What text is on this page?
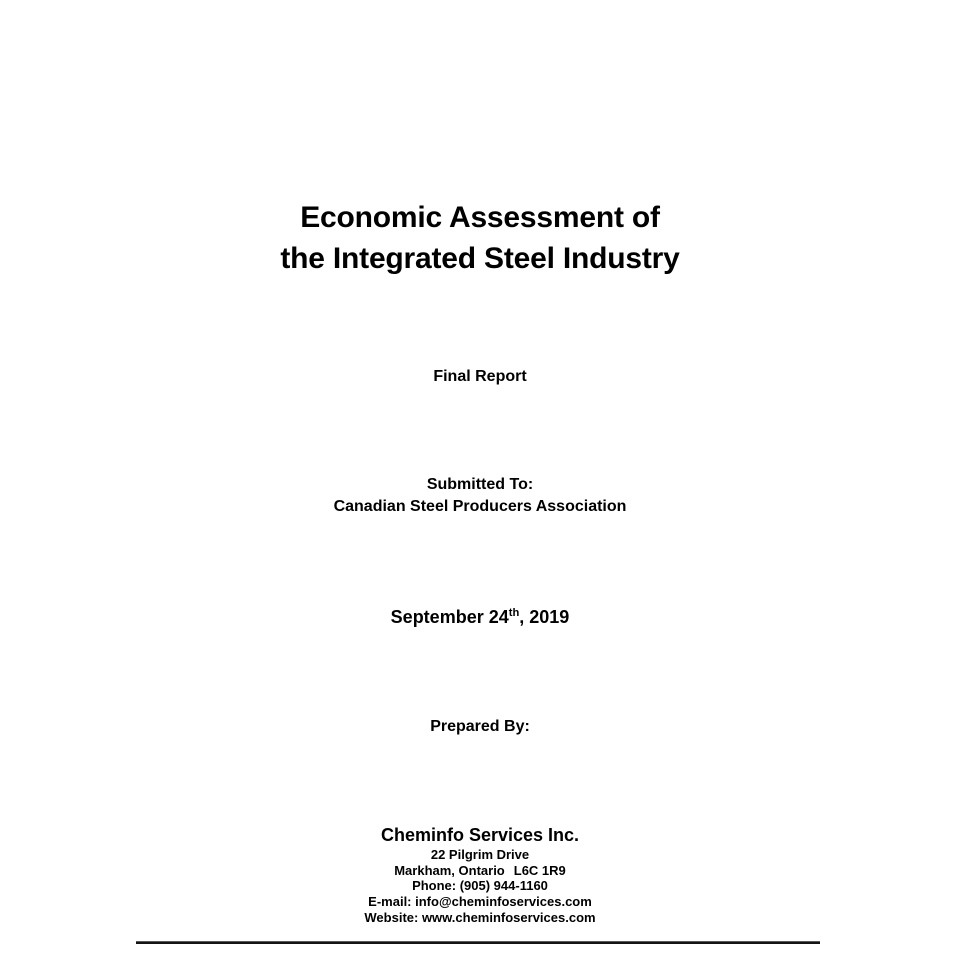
Economic Assessment of
the Integrated Steel Industry
Final Report
Submitted To:
Canadian Steel Producers Association
September 24th, 2019
Prepared By:
Cheminfo Services Inc.
22 Pilgrim Drive
Markham, Ontario L6C 1R9
Phone: (905) 944-1160
E-mail: info@cheminfoservices.com
Website: www.cheminfoservices.com
